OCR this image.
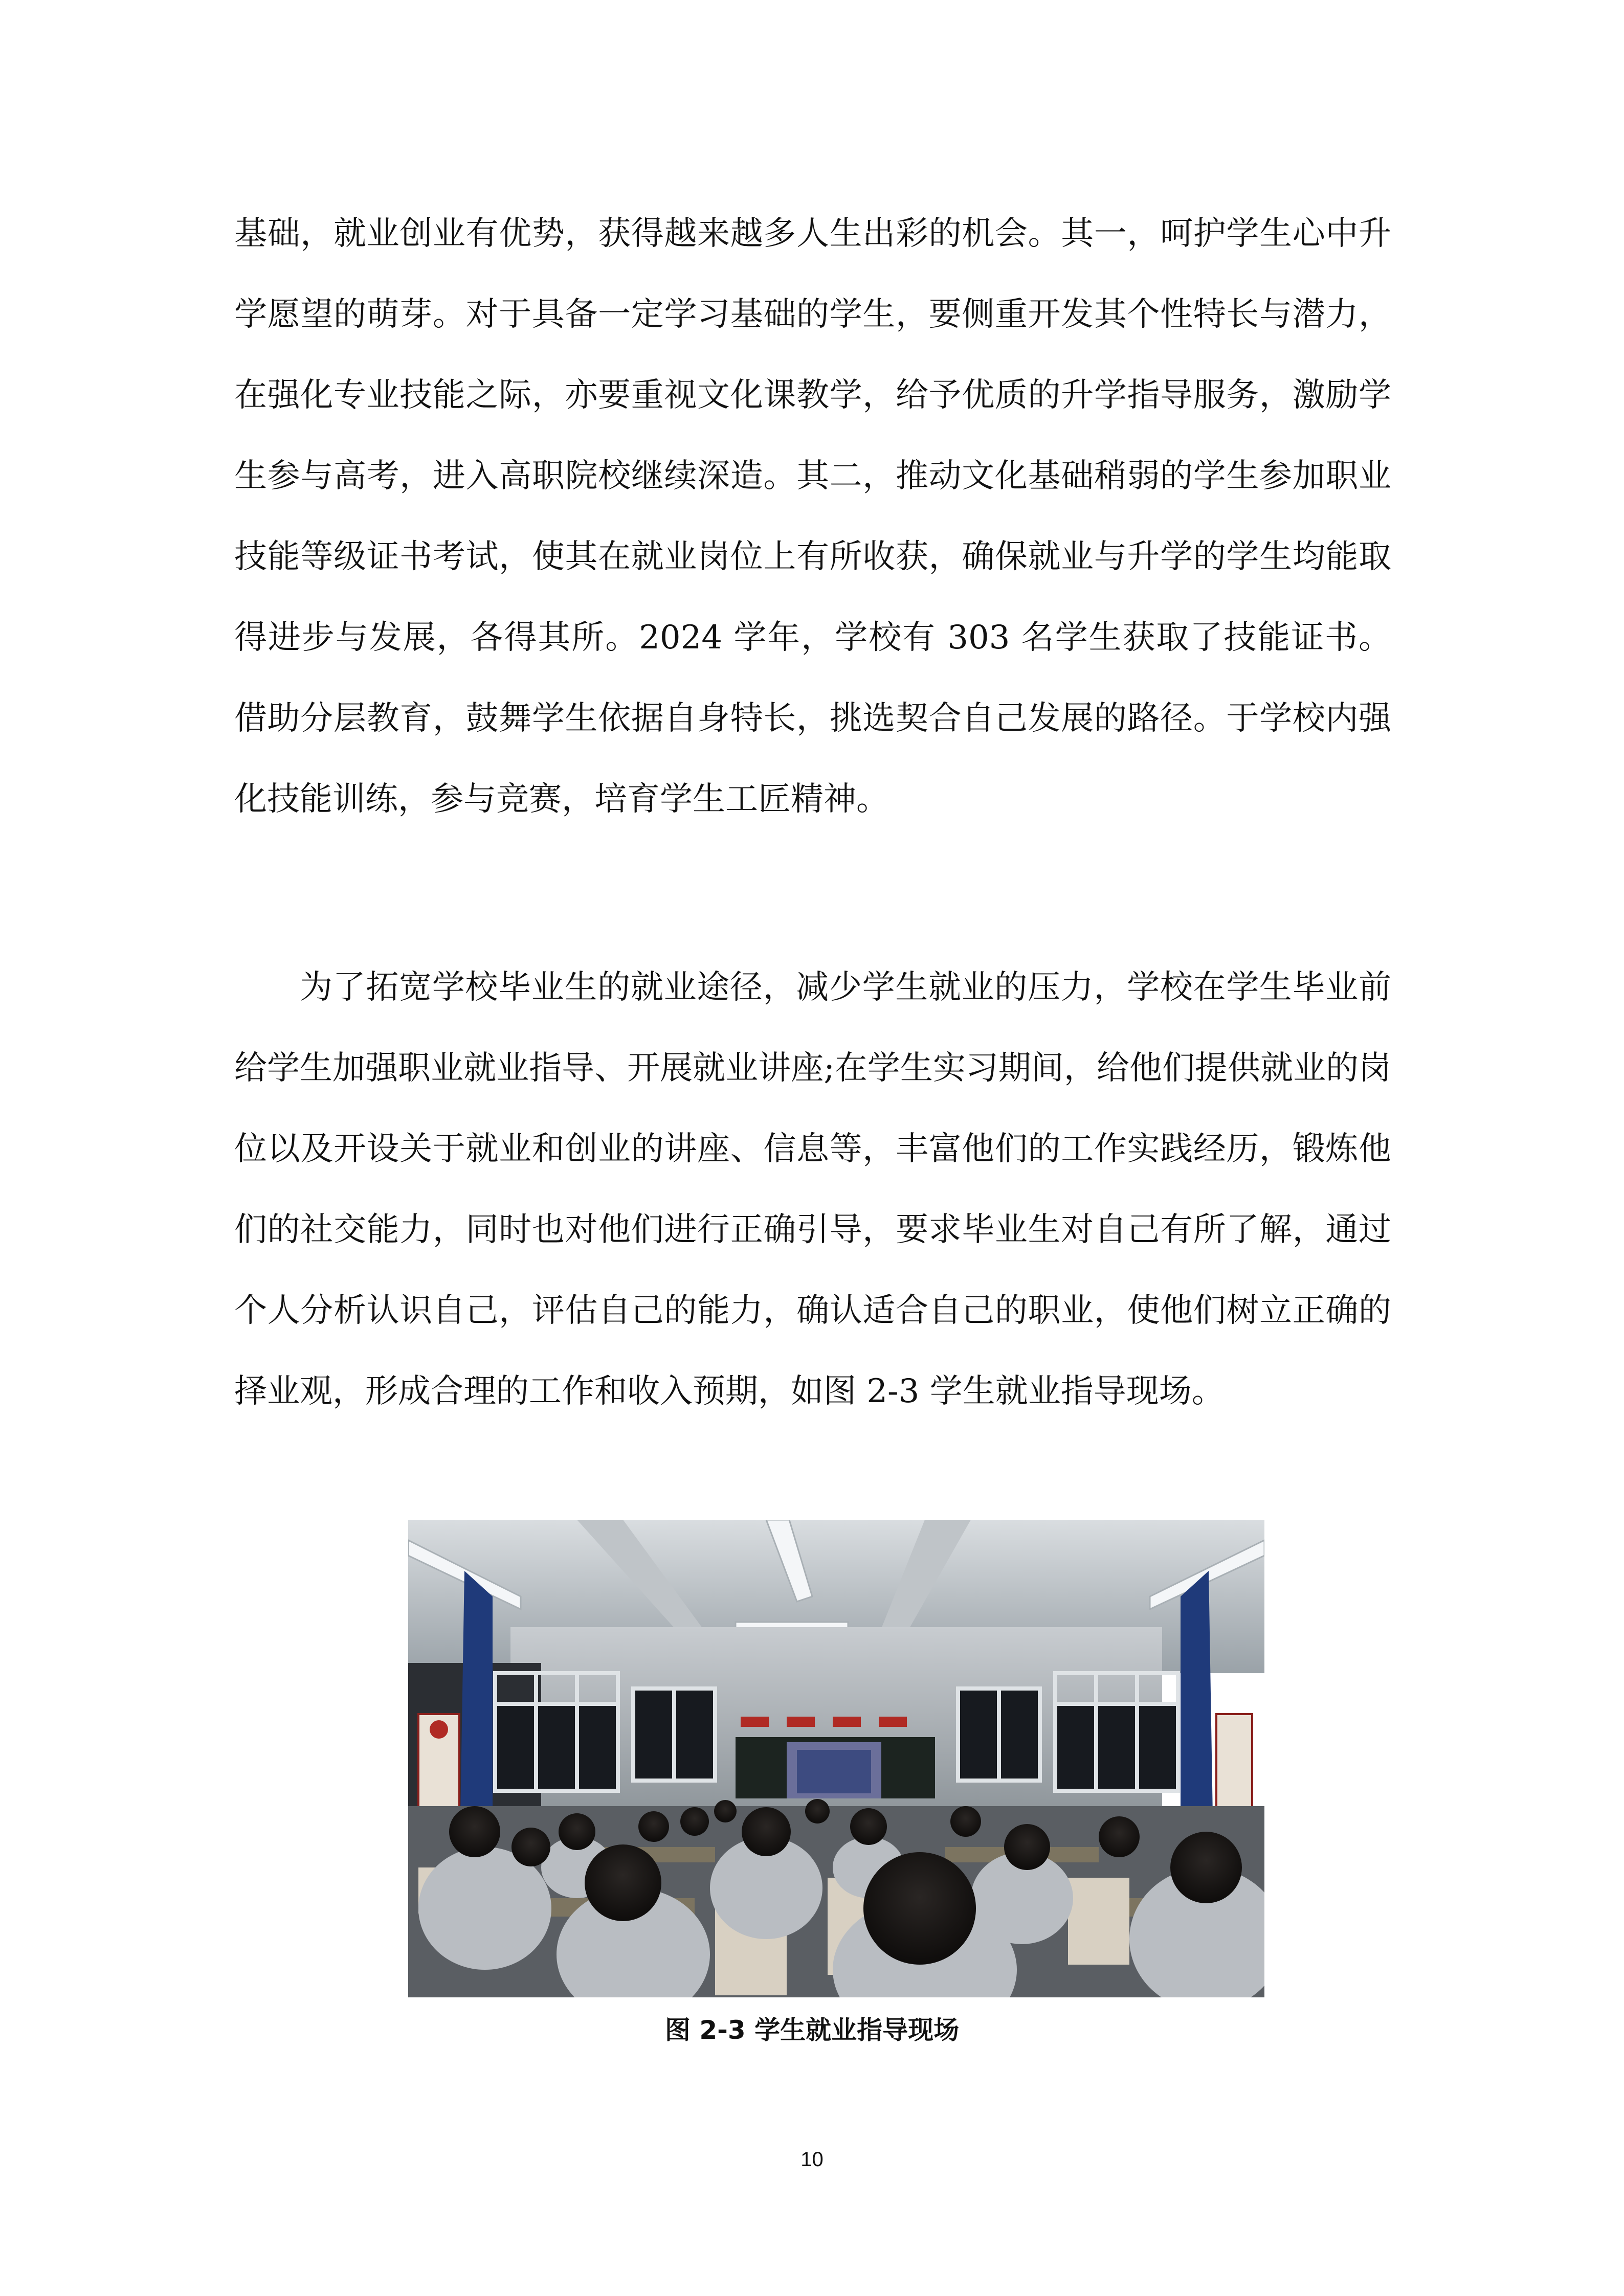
基础，就业创业有优势，获得越来越多人生出彩的机会。其一，呵护学生心中升学愿望的萌芽。对于具备一定学习基础的学生，要侧重开发其个性特长与潜力，在强化专业技能之际，亦要重视文化课教学，给予优质的升学指导服务，激励学生参与高考，进入高职院校继续深造。其二，推动文化基础稍弱的学生参加职业技能等级证书考试，使其在就业岗位上有所收获，确保就业与升学的学生均能取得进步与发展，各得其所。2024 学年，学校有 303 名学生获取了技能证书。借助分层教育，鼓舞学生依据自身特长，挑选契合自己发展的路径。于学校内强化技能训练，参与竞赛，培育学生工匠精神。

为了拓宽学校毕业生的就业途径，减少学生就业的压力，学校在学生毕业前给学生加强职业就业指导、开展就业讲座;在学生实习期间，给他们提供就业的岗位以及开设关于就业和创业的讲座、信息等，丰富他们的工作实践经历，锻炼他们的社交能力，同时也对他们进行正确引导，要求毕业生对自己有所了解，通过个人分析认识自己，评估自己的能力，确认适合自己的职业，使他们树立正确的择业观，形成合理的工作和收入预期，如图 2-3 学生就业指导现场。

图 2-3 学生就业指导现场
10
